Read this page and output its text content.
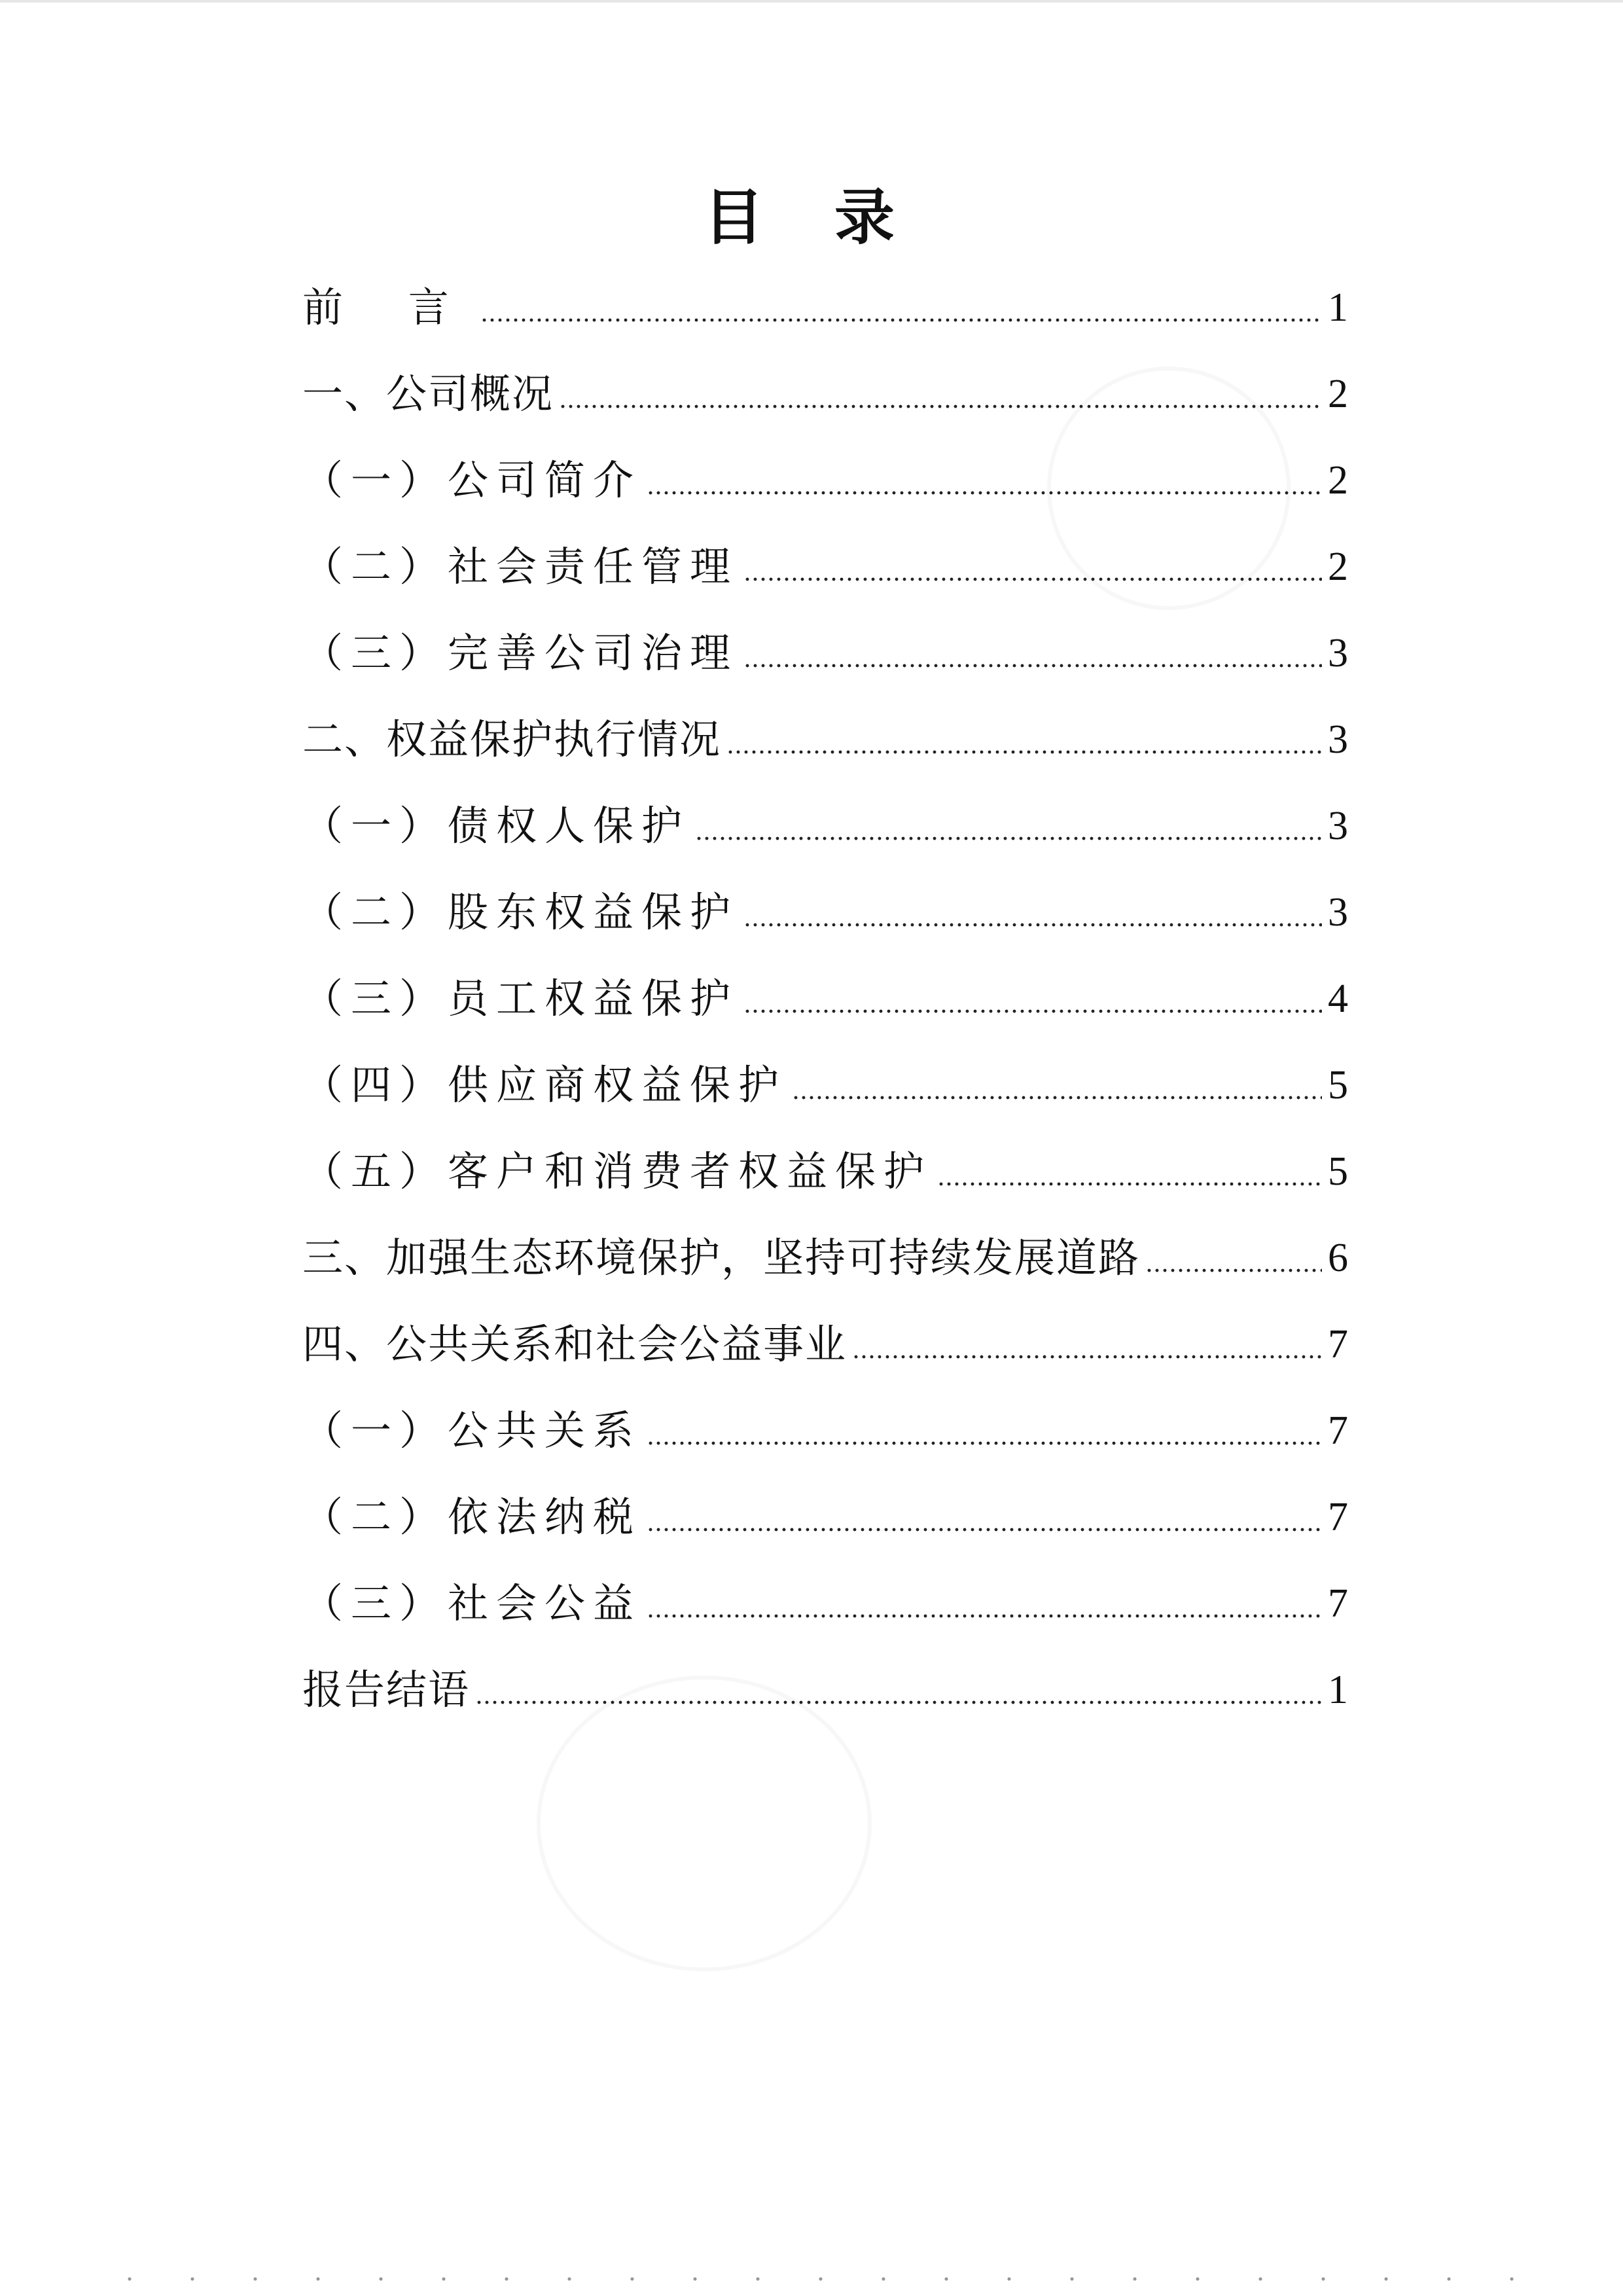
目 录
前 言	1
一、公司概况	2
（一）公司简介	2
（二）社会责任管理	2
（三）完善公司治理	3
二、权益保护执行情况	3
（一）债权人保护	3
（二）股东权益保护	3
（三）员工权益保护	4
（四）供应商权益保护	5
（五）客户和消费者权益保护	5
三、加强生态环境保护，坚持可持续发展道路	6
四、公共关系和社会公益事业	7
（一）公共关系	7
（二）依法纳税	7
（三）社会公益	7
报告结语	1
